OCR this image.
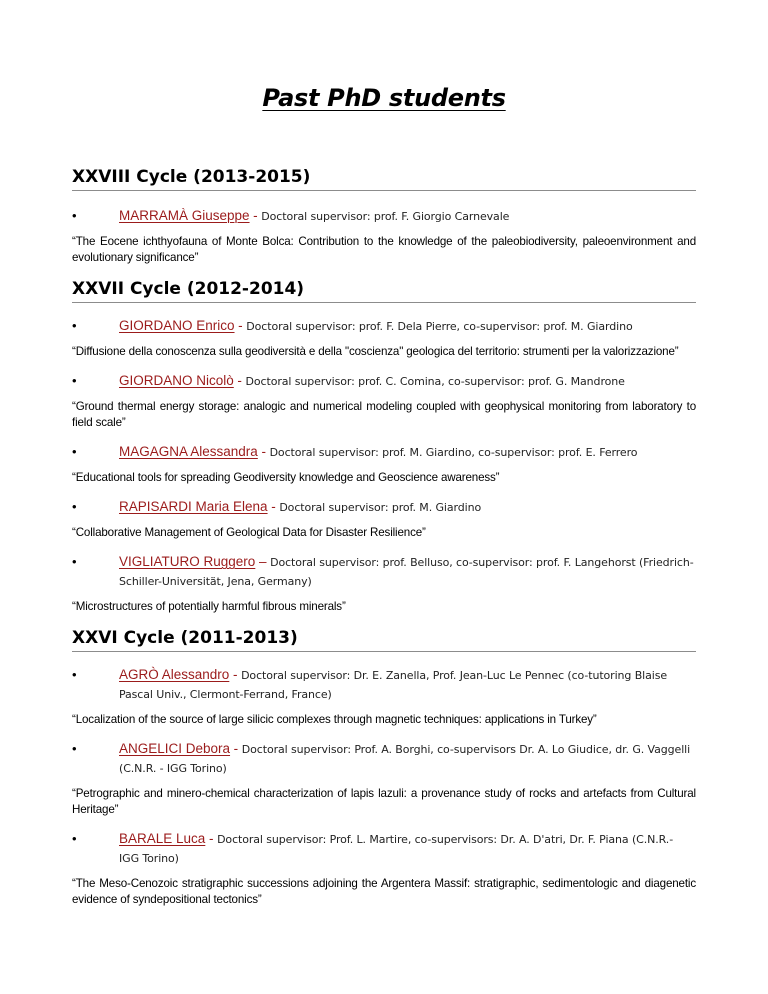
Past PhD students
XXVIII Cycle (2013-2015)
•	MARRAMÀ Giuseppe - Doctoral supervisor: prof. F. Giorgio Carnevale
“The Eocene ichthyofauna of Monte Bolca: Contribution to the knowledge of the paleobiodiversity, paleoenvironment and evolutionary significance”
XXVII Cycle (2012-2014)
•	GIORDANO Enrico - Doctoral supervisor: prof. F. Dela Pierre, co-supervisor: prof. M. Giardino
“Diffusione della conoscenza sulla geodiversità e della "coscienza" geologica del territorio: strumenti per la valorizzazione”
•	GIORDANO Nicolò - Doctoral supervisor: prof. C. Comina, co-supervisor: prof. G. Mandrone
“Ground thermal energy storage: analogic and numerical modeling coupled with geophysical monitoring from laboratory to field scale”
•	MAGAGNA Alessandra - Doctoral supervisor: prof. M. Giardino, co-supervisor: prof. E. Ferrero
“Educational tools for spreading Geodiversity knowledge and Geoscience awareness”
•	RAPISARDI Maria Elena - Doctoral supervisor: prof. M. Giardino
“Collaborative Management of Geological Data for Disaster Resilience”
•	VIGLIATURO Ruggero – Doctoral supervisor: prof. Belluso, co-supervisor: prof. F. Langehorst (Friedrich-Schiller-Universität, Jena, Germany)
“Microstructures of potentially harmful fibrous minerals”
XXVI Cycle (2011-2013)
•	AGRÒ Alessandro - Doctoral supervisor: Dr. E. Zanella, Prof. Jean-Luc Le Pennec (co-tutoring Blaise Pascal Univ., Clermont-Ferrand, France)
“Localization of the source of large silicic complexes through magnetic techniques: applications in Turkey”
•	ANGELICI Debora - Doctoral supervisor: Prof. A. Borghi, co-supervisors Dr. A. Lo Giudice, dr. G. Vaggelli (C.N.R. - IGG Torino)
“Petrographic and minero-chemical characterization of lapis lazuli: a provenance study of rocks and artefacts from Cultural Heritage”
•	BARALE Luca - Doctoral supervisor: Prof. L. Martire, co-supervisors: Dr. A. D'atri, Dr. F. Piana (C.N.R.- IGG Torino)
“The Meso-Cenozoic stratigraphic successions adjoining the Argentera Massif: stratigraphic, sedimentologic and diagenetic evidence of syndepositional tectonics”
